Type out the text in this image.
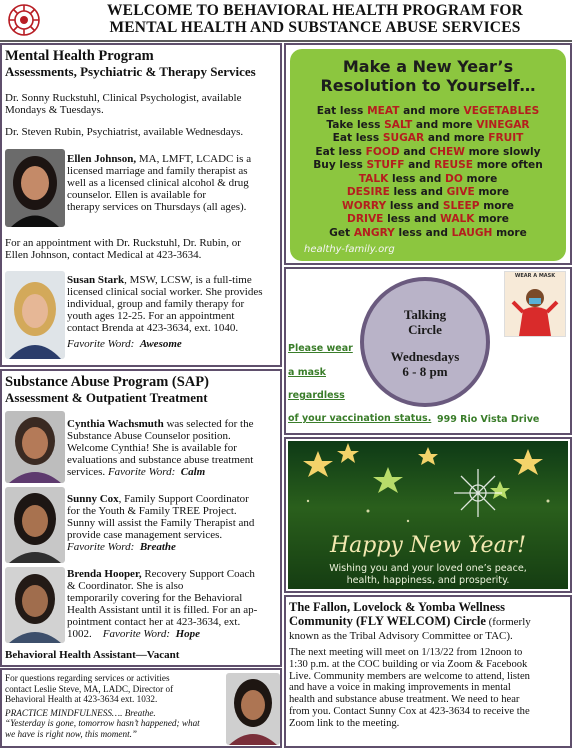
WELCOME TO BEHAVIORAL HEALTH PROGRAM FOR
MENTAL HEALTH AND SUBSTANCE ABUSE SERVICES
Mental Health Program
Assessments, Psychiatric & Therapy Services
Dr. Sonny Ruckstuhl, Clinical Psychologist, available
Mondays & Tuesdays.
Dr. Steven Rubin, Psychiatrist, available Wednesdays.
Ellen Johnson, MA, LMFT, LCADC is a
licensed marriage and family therapist as
well as a licensed clinical alcohol & drug
counselor. Ellen is available for
therapy services on Thursdays (all ages).
For an appointment with Dr. Ruckstuhl, Dr. Rubin, or
Ellen Johnson, contact Medical at 423-3634.
Susan Stark, MSW, LCSW, is a full-time
licensed clinical social worker. She provides
individual, group and family therapy for
youth ages 12-25. For an appointment
contact Brenda at 423-3634, ext. 1040.
Favorite Word: Awesome
Substance Abuse Program (SAP)
Assessment & Outpatient Treatment
Cynthia Wachsmuth was selected for the
Substance Abuse Counselor position.
Welcome Cynthia! She is available for
evaluations and substance abuse treatment
services. Favorite Word: Calm
Sunny Cox, Family Support Coordinator
for the Youth & Family TREE Project.
Sunny will assist the Family Therapist and
provide case management services.
Favorite Word: Breathe
Brenda Hooper, Recovery Support Coach
& Coordinator. She is also
temporarily covering for the Behavioral
Health Assistant until it is filled. For an ap-
pointment contact her at 423-3634, ext.
1002. Favorite Word: Hope
Behavioral Health Assistant—Vacant
For questions regarding services or activities
contact Leslie Steve, MA, LADC, Director of
Behavioral Health at 423-3634 ext. 1032.
PRACTICE MINDFULNESS…. Breathe.
“Yesterday is gone, tomorrow hasn’t happened; what
we have is right now, this moment.”
Make a New Year’s
Resolution to Yourself…
Eat less MEAT and more VEGETABLES
Take less SALT and more VINEGAR
Eat less SUGAR and more FRUIT
Eat less FOOD and CHEW more slowly
Buy less STUFF and REUSE more often
TALK less and DO more
DESIRE less and GIVE more
WORRY less and SLEEP more
DRIVE less and WALK more
Get ANGRY less and LAUGH more
healthy-family.org
Talking
Circle
Wednesdays
6 - 8 pm
WEAR A MASK
Please wear
a mask
regardless
of your vaccination status. 999 Rio Vista Drive
Happy New Year!
Wishing you and your loved one’s peace,
health, happiness, and prosperity.
The Fallon, Lovelock & Yomba Wellness
Community (FLY WELCOM) Circle (formerly
known as the Tribal Advisory Committee or TAC).
The next meeting will meet on 1/13/22 from 12noon to
1:30 p.m. at the COC building or via Zoom & Facebook
Live. Community members are welcome to attend, listen
and have a voice in making improvements in mental
health and substance abuse treatment. We need to hear
from you. Contact Sunny Cox at 423-3634 to receive the
Zoom link to the meeting.
